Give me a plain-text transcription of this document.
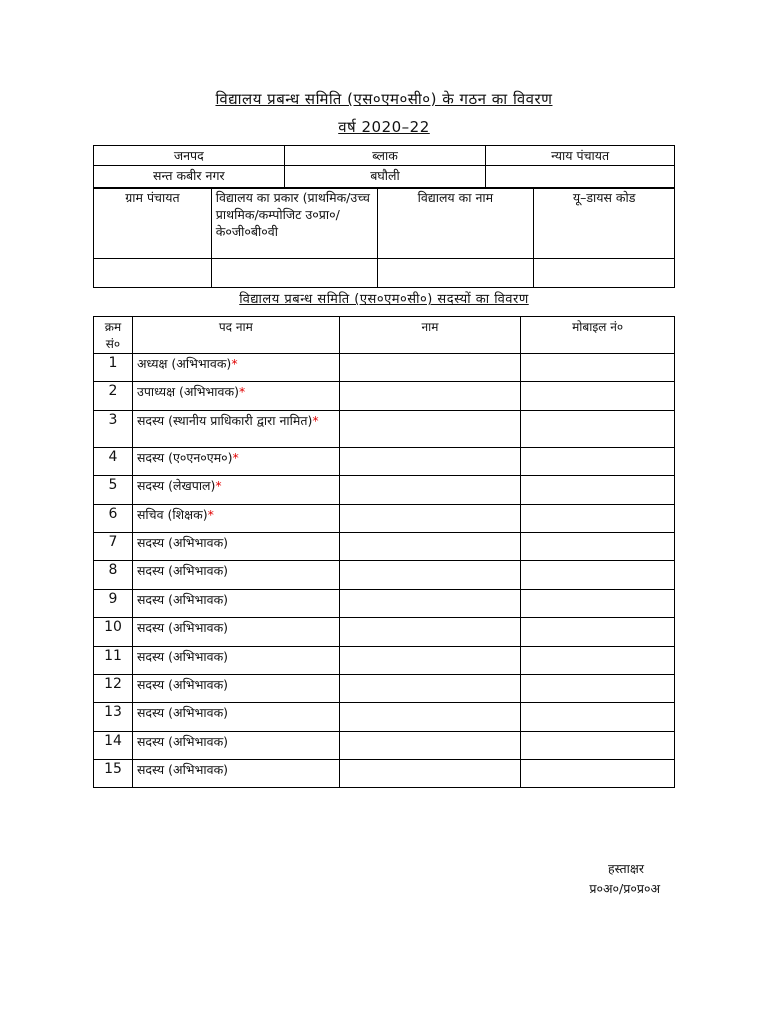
विद्यालय प्रबन्ध समिति (एस०एम०सी०) के गठन का विवरण
वर्ष 2020–22
जनपद	ब्लाक	न्याय पंचायत
सन्त कबीर नगर	बघौली	
ग्राम पंचायत	विद्यालय का प्रकार (प्राथमिक/उच्च प्राथमिक/कम्पोजिट उ०प्रा०/के०जी०बी०वी	विद्यालय का नाम	यू–डायस कोड

विद्यालय प्रबन्ध समिति (एस०एम०सी०) सदस्यों का विवरण
क्रम सं०	पद नाम	नाम	मोबाइल नं०
1	अध्यक्ष (अभिभावक)*		
2	उपाध्यक्ष (अभिभावक)*		
3	सदस्य (स्थानीय प्राधिकारी द्वारा नामित)*		
4	सदस्य (ए०एन०एम०)*		
5	सदस्य (लेखपाल)*		
6	सचिव (शिक्षक)*		
7	सदस्य (अभिभावक)		
8	सदस्य (अभिभावक)		
9	सदस्य (अभिभावक)		
10	सदस्य (अभिभावक)		
11	सदस्य (अभिभावक)		
12	सदस्य (अभिभावक)		
13	सदस्य (अभिभावक)		
14	सदस्य (अभिभावक)		
15	सदस्य (अभिभावक)		
हस्ताक्षर
प्र०अ०/प्र०प्र०अ
